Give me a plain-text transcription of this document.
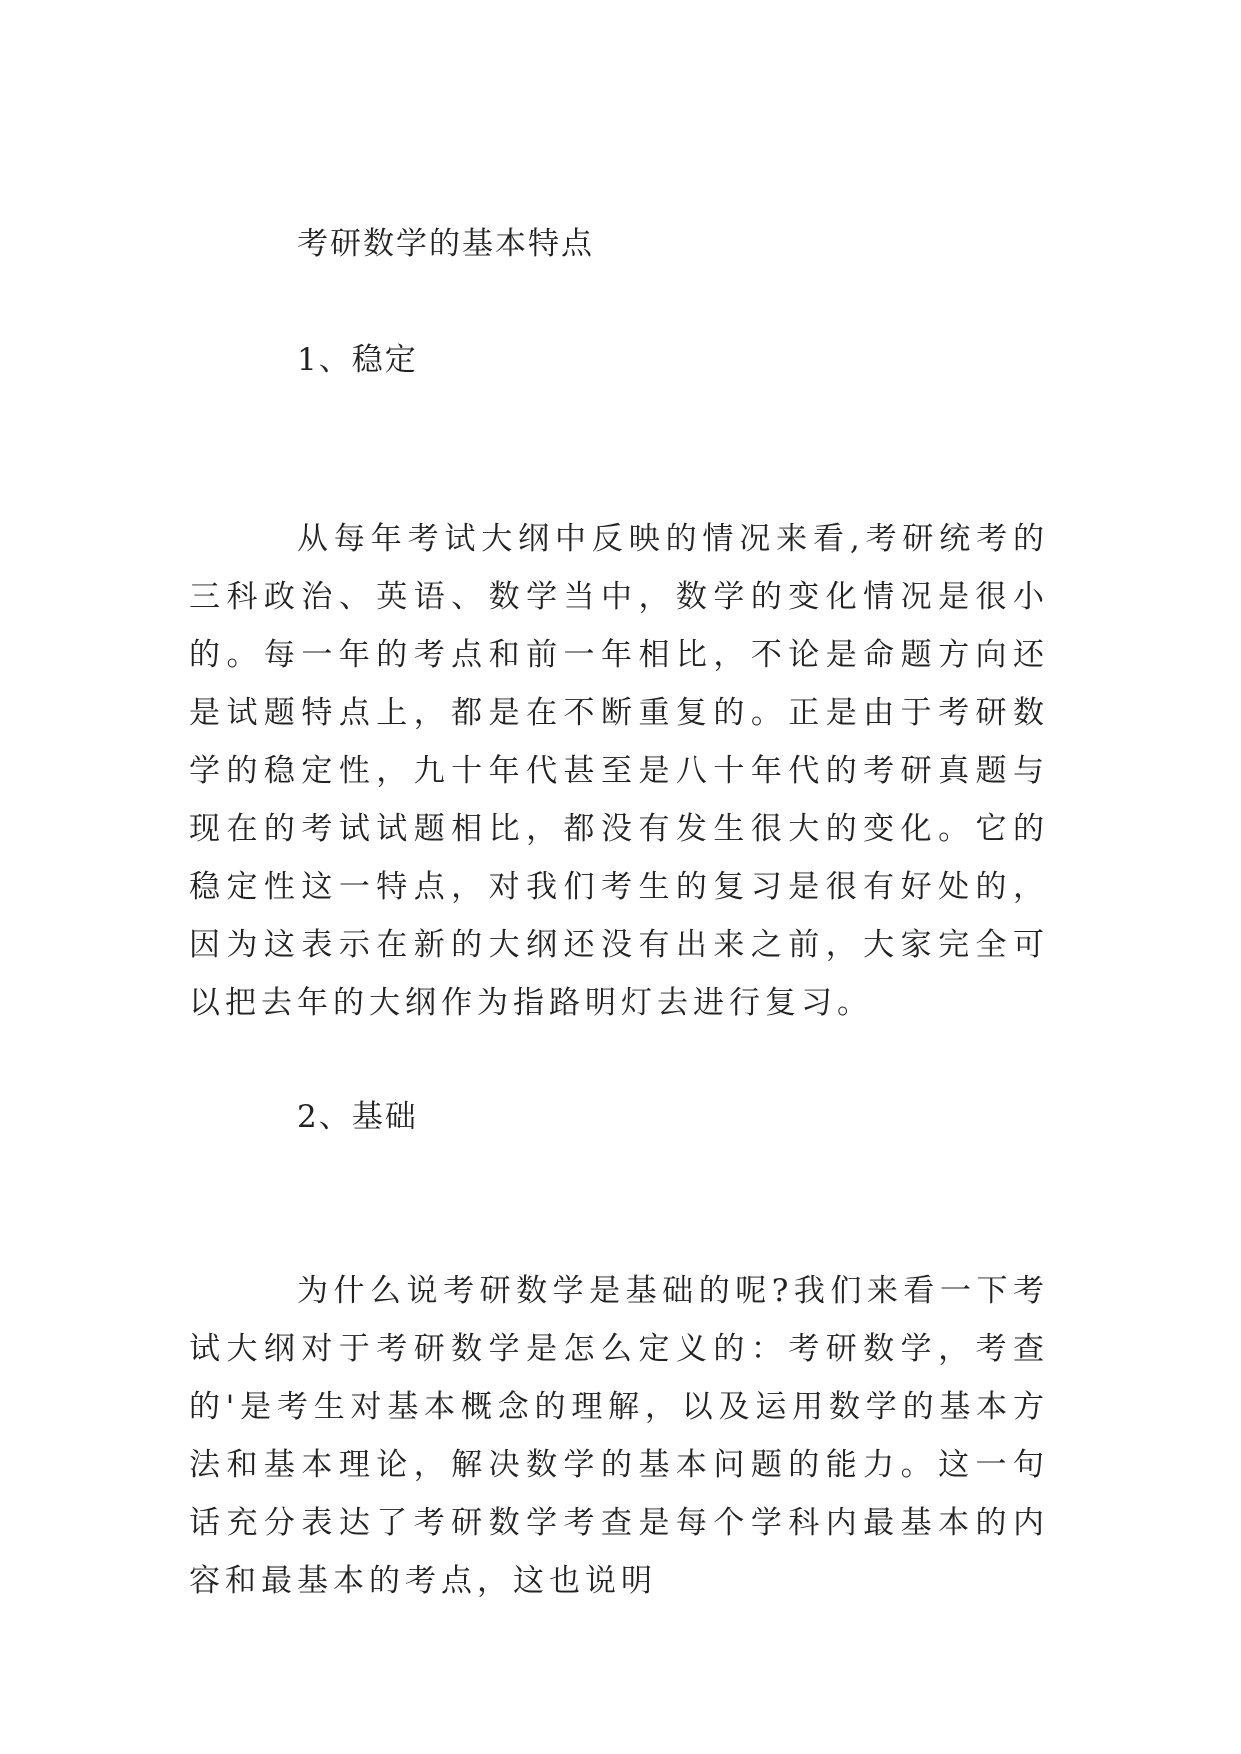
考研数学的基本特点
1、稳定

从每年考试大纲中反映的情况来看,考研统考的三科政治、英语、数学当中，数学的变化情况是很小的。每一年的考点和前一年相比，不论是命题方向还是试题特点上，都是在不断重复的。正是由于考研数学的稳定性，九十年代甚至是八十年代的考研真题与现在的考试试题相比，都没有发生很大的变化。它的稳定性这一特点，对我们考生的复习是很有好处的，因为这表示在新的大纲还没有出来之前，大家完全可以把去年的大纲作为指路明灯去进行复习。

2、基础

为什么说考研数学是基础的呢?我们来看一下考试大纲对于考研数学是怎么定义的：考研数学，考查的'是考生对基本概念的理解，以及运用数学的基本方法和基本理论，解决数学的基本问题的能力。这一句话充分表达了考研数学考查是每个学科内最基本的内容和最基本的考点，这也说明
